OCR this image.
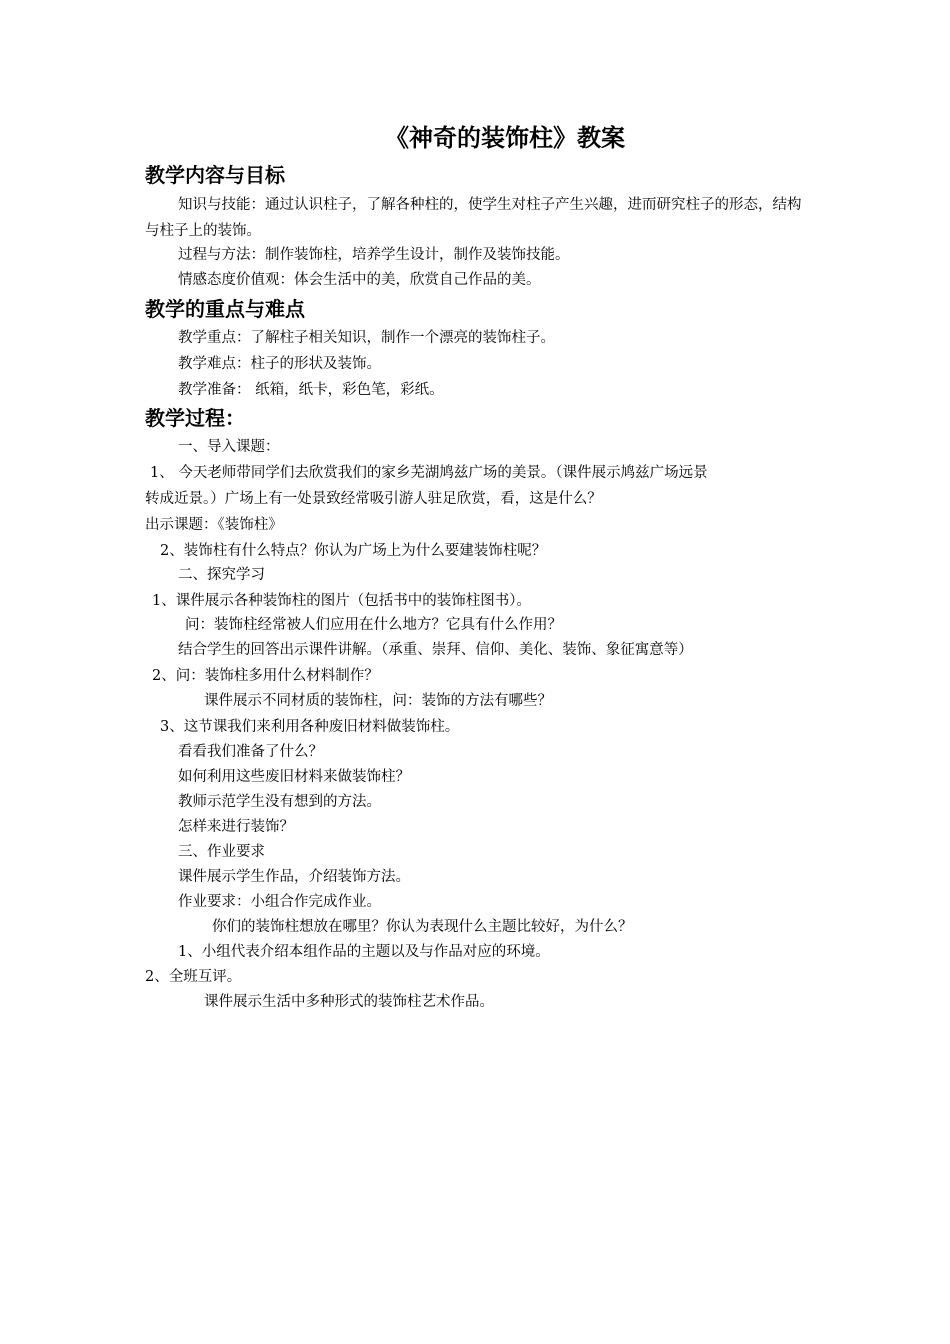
《神奇的装饰柱》教案
教学内容与目标
知识与技能：通过认识柱子，了解各种柱的，使学生对柱子产生兴趣，进而研究柱子的形态，结构与柱子上的装饰。
过程与方法：制作装饰柱，培养学生设计，制作及装饰技能。
情感态度价值观：体会生活中的美，欣赏自己作品的美。
教学的重点与难点
教学重点：了解柱子相关知识，制作一个漂亮的装饰柱子。
教学难点：柱子的形状及装饰。
教学准备： 纸箱，纸卡，彩色笔，彩纸。
教学过程：
一、导入课题：
1、 今天老师带同学们去欣赏我们的家乡芜湖鸠兹广场的美景。（课件展示鸠兹广场远景
转成近景。）广场上有一处景致经常吸引游人驻足欣赏，看，这是什么？
出示课题：《装饰柱》
2、装饰柱有什么特点？你认为广场上为什么要建装饰柱呢？
二、探究学习
1、课件展示各种装饰柱的图片（包括书中的装饰柱图书）。
问：装饰柱经常被人们应用在什么地方？它具有什么作用？
结合学生的回答出示课件讲解。（承重、崇拜、信仰、美化、装饰、象征寓意等）
2、问：装饰柱多用什么材料制作？
课件展示不同材质的装饰柱，问：装饰的方法有哪些？
3、这节课我们来利用各种废旧材料做装饰柱。
看看我们准备了什么？
如何利用这些废旧材料来做装饰柱？
教师示范学生没有想到的方法。
怎样来进行装饰？
三、作业要求
课件展示学生作品，介绍装饰方法。
作业要求：小组合作完成作业。
你们的装饰柱想放在哪里？你认为表现什么主题比较好，为什么？
1、小组代表介绍本组作品的主题以及与作品对应的环境。
2、全班互评。
课件展示生活中多种形式的装饰柱艺术作品。
